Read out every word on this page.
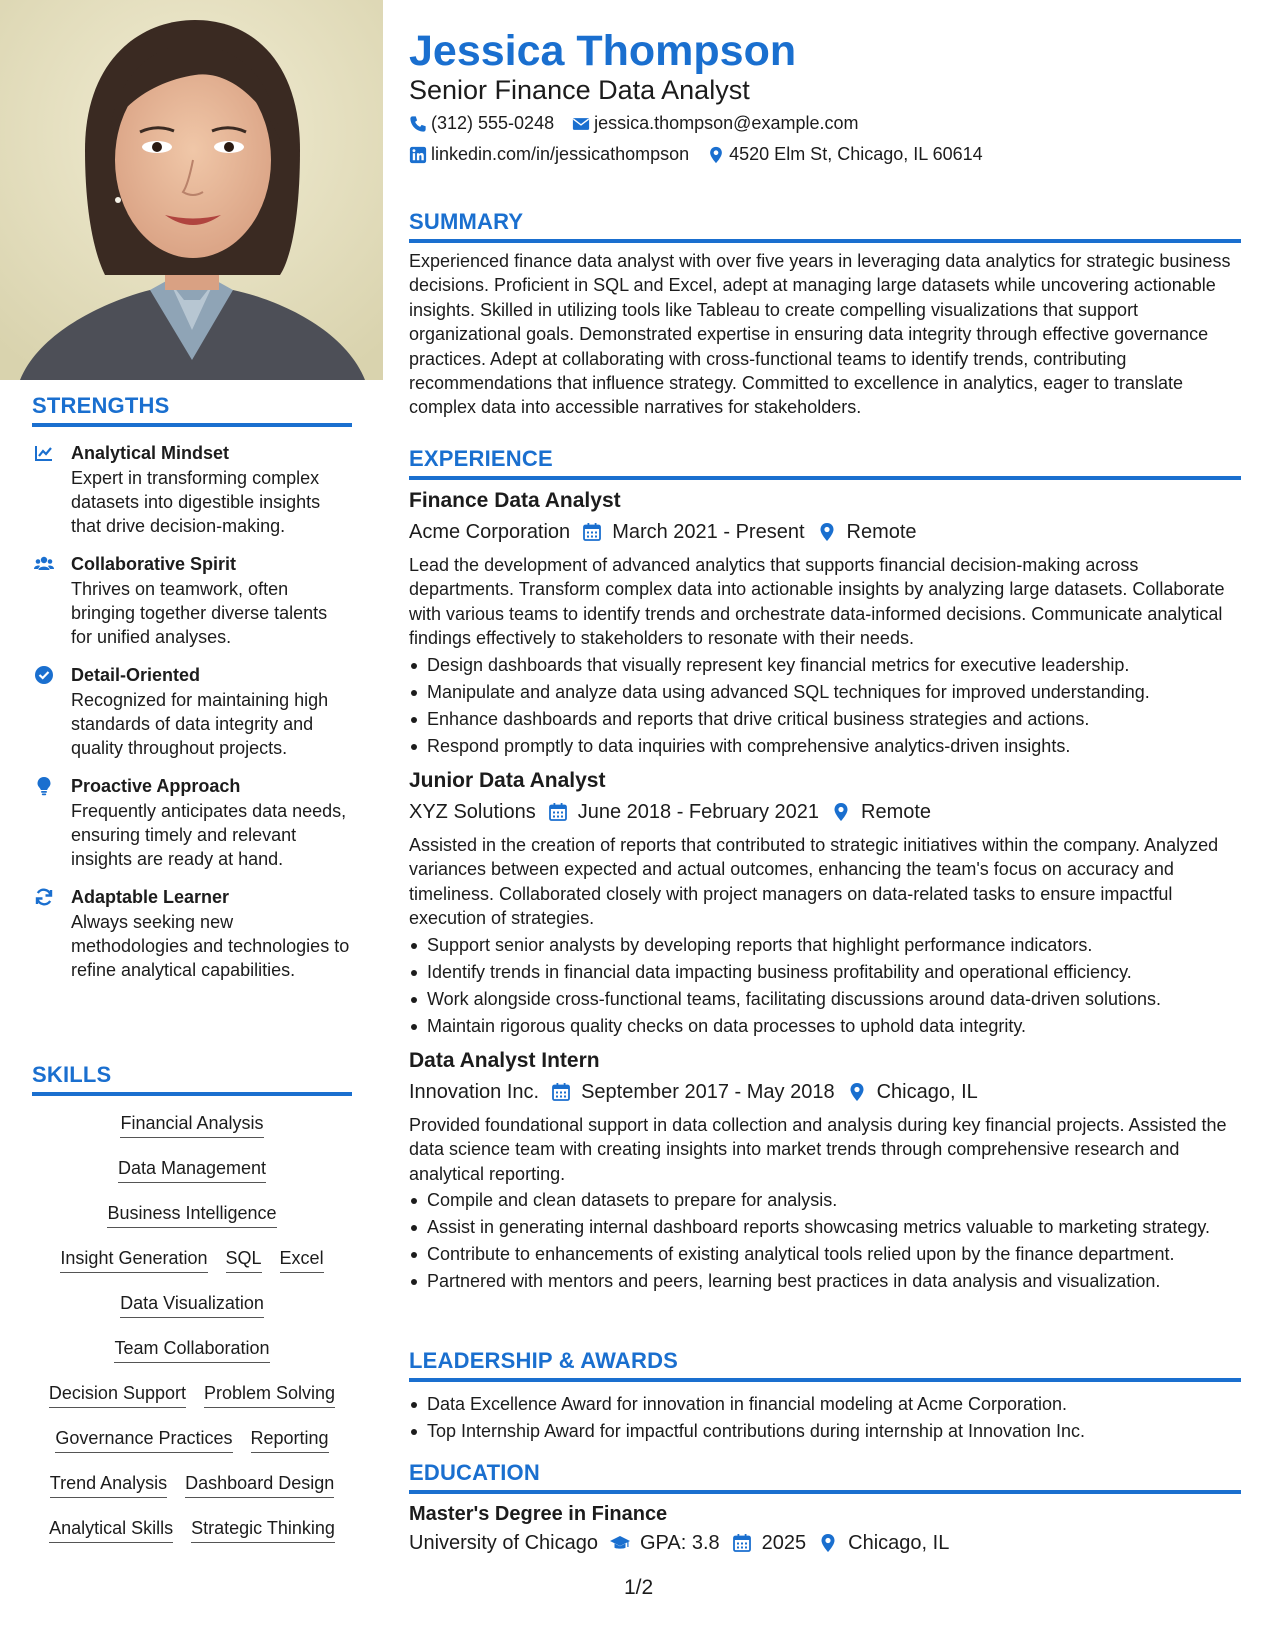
STRENGTHS
Analytical Mindset
Expert in transforming complex datasets into digestible insights that drive decision-making.
Collaborative Spirit
Thrives on teamwork, often bringing together diverse talents for unified analyses.
Detail-Oriented
Recognized for maintaining high standards of data integrity and quality throughout projects.
Proactive Approach
Frequently anticipates data needs, ensuring timely and relevant insights are ready at hand.
Adaptable Learner
Always seeking new methodologies and technologies to refine analytical capabilities.
SKILLS
Financial Analysis
Data Management
Business Intelligence
Insight Generation SQL Excel
Data Visualization
Team Collaboration
Decision Support Problem Solving
Governance Practices Reporting
Trend Analysis Dashboard Design
Analytical Skills Strategic Thinking
Jessica Thompson
Senior Finance Data Analyst
(312) 555-0248 jessica.thompson@example.com
linkedin.com/in/jessicathompson 4520 Elm St, Chicago, IL 60614
SUMMARY
Experienced finance data analyst with over five years in leveraging data analytics for strategic business decisions. Proficient in SQL and Excel, adept at managing large datasets while uncovering actionable insights. Skilled in utilizing tools like Tableau to create compelling visualizations that support organizational goals. Demonstrated expertise in ensuring data integrity through effective governance practices. Adept at collaborating with cross-functional teams to identify trends, contributing recommendations that influence strategy. Committed to excellence in analytics, eager to translate complex data into accessible narratives for stakeholders.
EXPERIENCE
Finance Data Analyst
Acme Corporation March 2021 - Present Remote
Lead the development of advanced analytics that supports financial decision-making across departments. Transform complex data into actionable insights by analyzing large datasets. Collaborate with various teams to identify trends and orchestrate data-informed decisions. Communicate analytical findings effectively to stakeholders to resonate with their needs.
Design dashboards that visually represent key financial metrics for executive leadership.
Manipulate and analyze data using advanced SQL techniques for improved understanding.
Enhance dashboards and reports that drive critical business strategies and actions.
Respond promptly to data inquiries with comprehensive analytics-driven insights.
Junior Data Analyst
XYZ Solutions June 2018 - February 2021 Remote
Assisted in the creation of reports that contributed to strategic initiatives within the company. Analyzed variances between expected and actual outcomes, enhancing the team's focus on accuracy and timeliness. Collaborated closely with project managers on data-related tasks to ensure impactful execution of strategies.
Support senior analysts by developing reports that highlight performance indicators.
Identify trends in financial data impacting business profitability and operational efficiency.
Work alongside cross-functional teams, facilitating discussions around data-driven solutions.
Maintain rigorous quality checks on data processes to uphold data integrity.
Data Analyst Intern
Innovation Inc. September 2017 - May 2018 Chicago, IL
Provided foundational support in data collection and analysis during key financial projects. Assisted the data science team with creating insights into market trends through comprehensive research and analytical reporting.
Compile and clean datasets to prepare for analysis.
Assist in generating internal dashboard reports showcasing metrics valuable to marketing strategy.
Contribute to enhancements of existing analytical tools relied upon by the finance department.
Partnered with mentors and peers, learning best practices in data analysis and visualization.
LEADERSHIP & AWARDS
Data Excellence Award for innovation in financial modeling at Acme Corporation.
Top Internship Award for impactful contributions during internship at Innovation Inc.
EDUCATION
Master's Degree in Finance
University of Chicago GPA: 3.8 2025 Chicago, IL
1/2
